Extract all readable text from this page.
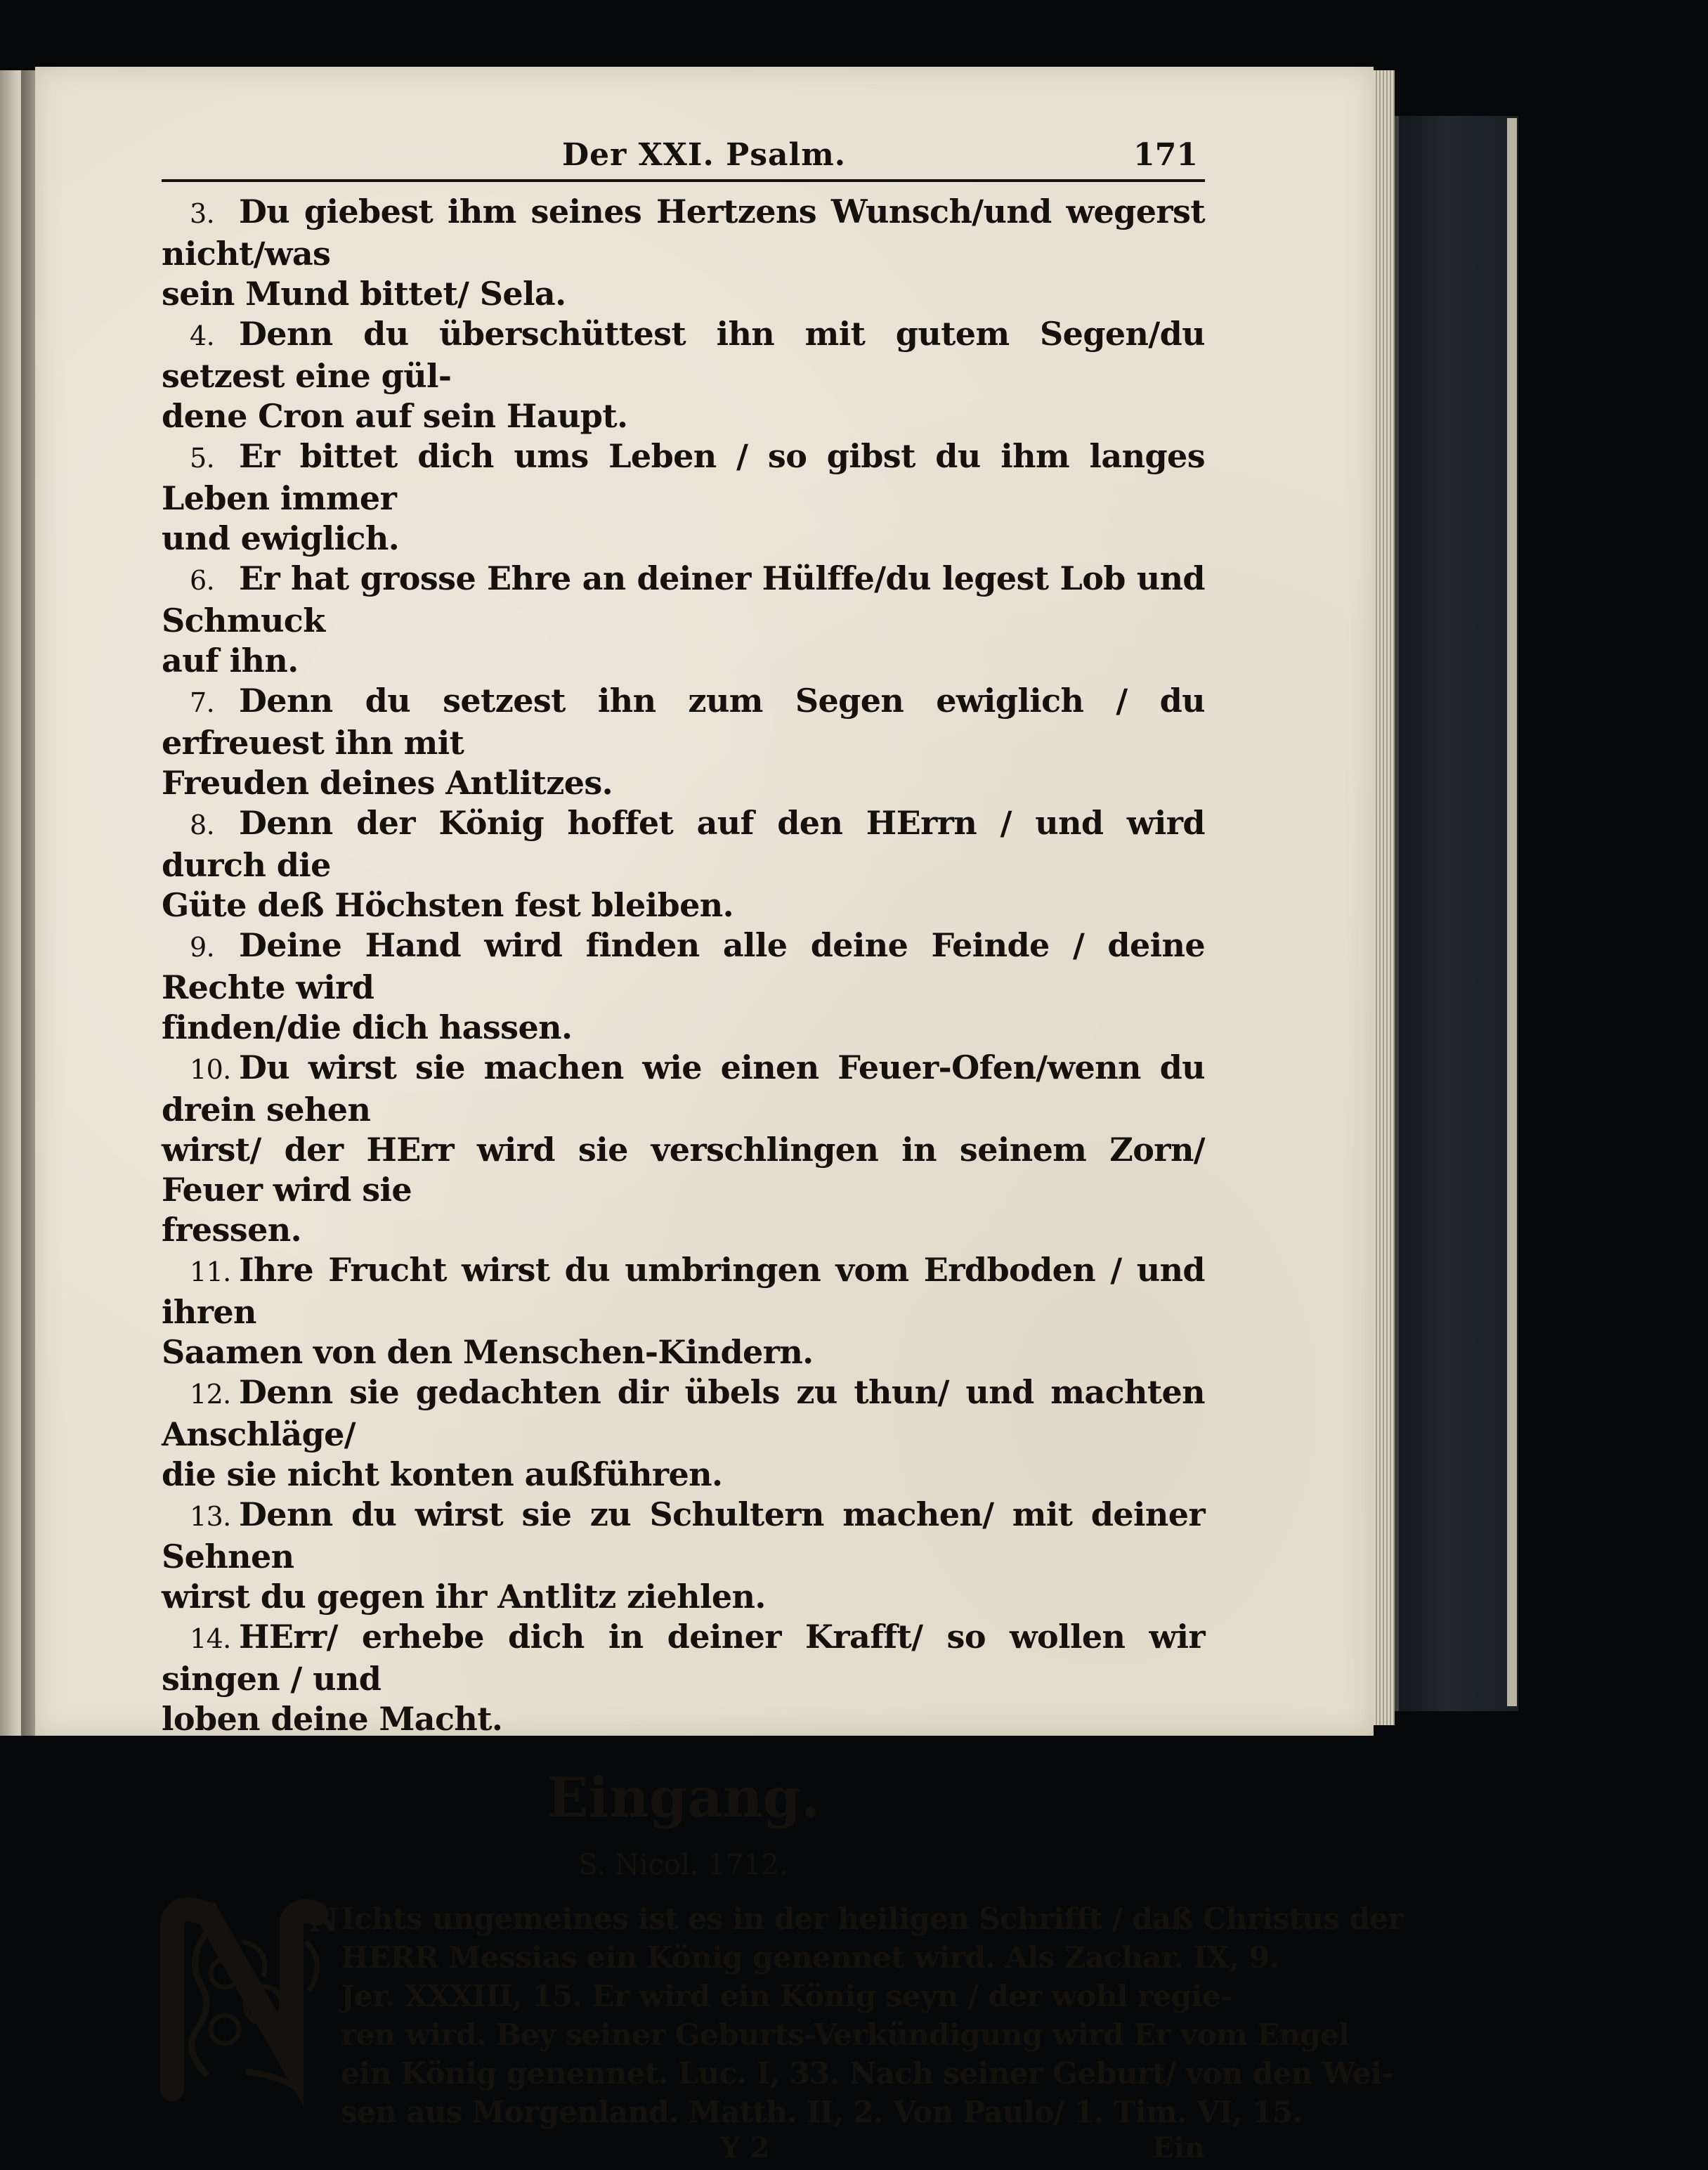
Der XXI. Psalm.	171

3. Du giebest ihm seines Hertzens Wunsch/und wegerst nicht/was

sein Mund bittet/ Sela.

4. Denn du überschüttest ihn mit gutem Segen/du setzest eine gül-

dene Cron auf sein Haupt.

5. Er bittet dich ums Leben / so gibst du ihm langes Leben immer

und ewiglich.

6. Er hat grosse Ehre an deiner Hülffe/du legest Lob und Schmuck

auf ihn.

7. Denn du setzest ihn zum Segen ewiglich / du erfreuest ihn mit

Freuden deines Antlitzes.

8. Denn der König hoffet auf den HErrn / und wird durch die

Güte deß Höchsten fest bleiben.

9. Deine Hand wird finden alle deine Feinde / deine Rechte wird

finden/die dich hassen.

10. Du wirst sie machen wie einen Feuer-Ofen/wenn du drein sehen

wirst/ der HErr wird sie verschlingen in seinem Zorn/ Feuer wird sie

fressen.

11. Ihre Frucht wirst du umbringen vom Erdboden / und ihren

Saamen von den Menschen-Kindern.

12. Denn sie gedachten dir übels zu thun/ und machten Anschläge/

die sie nicht konten außführen.

13. Denn du wirst sie zu Schultern machen/ mit deiner Sehnen

wirst du gegen ihr Antlitz ziehlen.

14. HErr/ erhebe dich in deiner Krafft/ so wollen wir singen / und

loben deine Macht.

Eingang.
S. Nicol. 1712.
N Ichts ungemeines ist es in der heiligen Schrifft / daß Christus der
HERR Messias ein König genennet wird. Als Zachar. IX, 9.
Jer. XXXIII, 15. Er wird ein König seyn / der wohl regie-
ren wird. Bey seiner Geburts-Verkündigung wird Er vom Engel
ein König genennet. Luc. I, 33. Nach seiner Geburt/ von den Wei-
sen aus Morgenland. Matth. II, 2. Von Paulo/ 1. Tim. VI, 15.
Y 2	Ein
